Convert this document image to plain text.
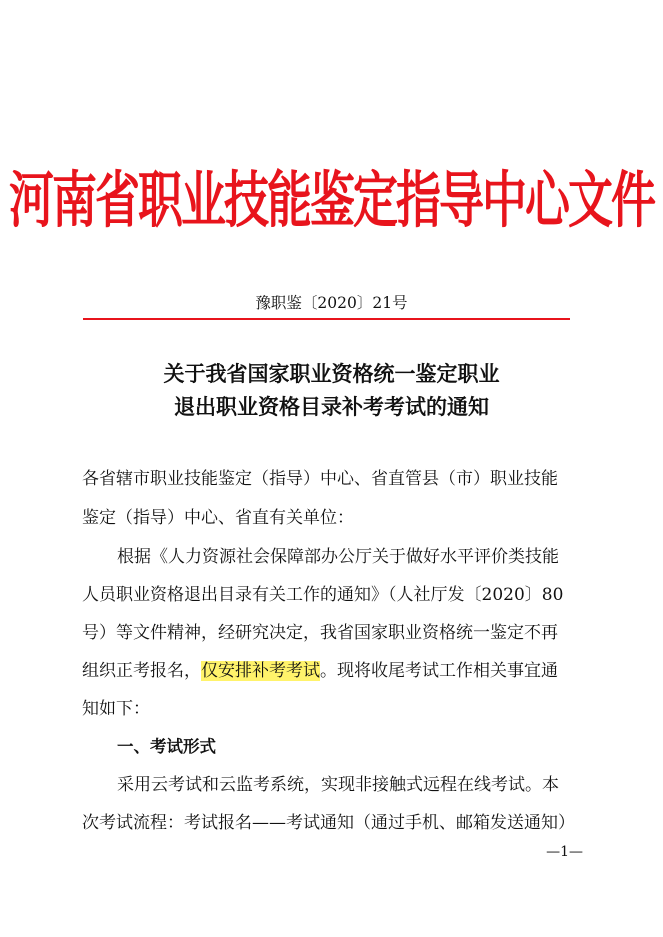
河南省职业技能鉴定指导中心文件
豫职鉴〔2020〕21号
关于我省国家职业资格统一鉴定职业
退出职业资格目录补考考试的通知
各省辖市职业技能鉴定（指导）中心、省直管县（市）职业技能
鉴定（指导）中心、省直有关单位：
根据《人力资源社会保障部办公厅关于做好水平评价类技能
人员职业资格退出目录有关工作的通知》（人社厅发〔2020〕80
号）等文件精神，经研究决定，我省国家职业资格统一鉴定不再
组织正考报名，仅安排补考考试。现将收尾考试工作相关事宜通
知如下：
一、考试形式
采用云考试和云监考系统，实现非接触式远程在线考试。本
次考试流程：考试报名——考试通知（通过手机、邮箱发送通知）
—1—
